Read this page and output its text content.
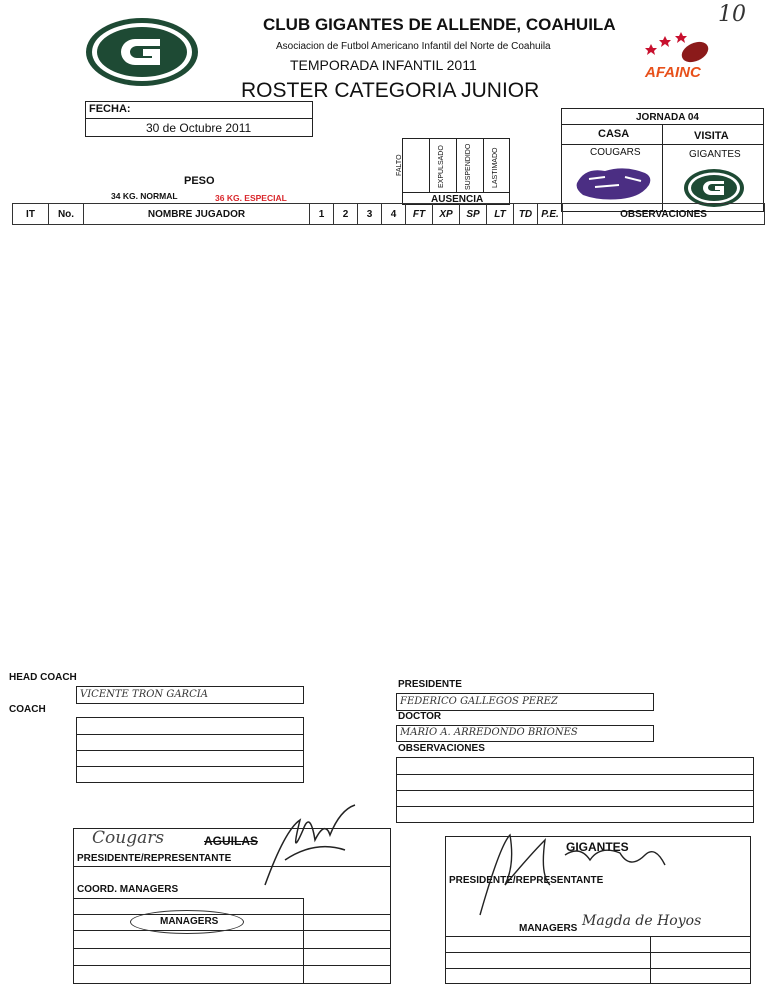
CLUB GIGANTES DE ALLENDE, COAHUILA
Asociacion de Futbol Americano Infantil del Norte de Coahuila
TEMPORADA INFANTIL 2011
ROSTER CATEGORIA JUNIOR
10
AFAINC
FECHA:
30 de Octubre 2011
JORNADA 04
CASA	VISITA
COUGARS	GIGANTES
PESO
34 KG. NORMAL	36 KG. ESPECIAL
FALTO	EXPULSADO	SUSPENDIDO	LASTIMADO
AUSENCIA
IT	No.	NOMBRE JUGADOR	1	2	3	4	FT	XP	SP	LT	TD	P.E.	OBSERVACIONES
HEAD COACH
VICENTE TRON GARCIA
COACH
PRESIDENTE
FEDERICO GALLEGOS PEREZ
DOCTOR
MARIO A. ARREDONDO BRIONES
OBSERVACIONES
Cougars	AGUILAS
PRESIDENTE/REPRESENTANTE
COORD. MANAGERS
MANAGERS
GIGANTES
PRESIDENTE/REPRESENTANTE
MANAGERS Magda de Hoyos
